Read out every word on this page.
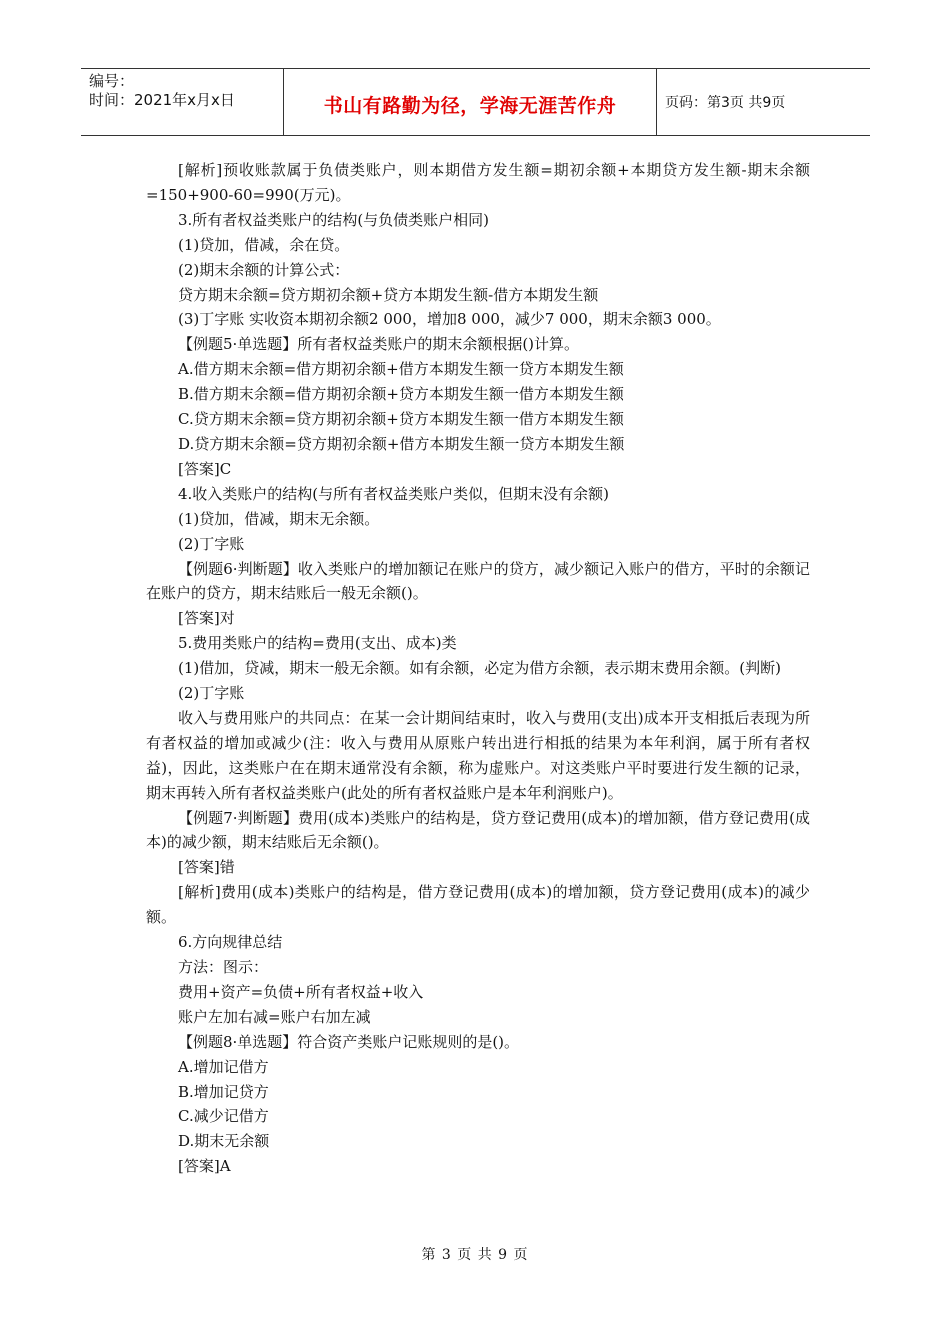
编号：
时间：2021年x月x日	书山有路勤为径，学海无涯苦作舟	页码：第3页 共9页

[解析]预收账款属于负债类账户，则本期借方发生额=期初余额+本期贷方发生额-期末余额=150+900-60=990(万元)。

3.所有者权益类账户的结构(与负债类账户相同)

(1)贷加，借减，余在贷。

(2)期末余额的计算公式：

贷方期末余额=贷方期初余额+贷方本期发生额-借方本期发生额

(3)丁字账 实收资本期初余额2 000，增加8 000，减少7 000，期末余额3 000。

【例题5·单选题】所有者权益类账户的期末余额根据()计算。

A.借方期末余额=借方期初余额+借方本期发生额一贷方本期发生额

B.借方期末余额=借方期初余额+贷方本期发生额一借方本期发生额

C.贷方期末余额=贷方期初余额+贷方本期发生额一借方本期发生额

D.贷方期末余额=贷方期初余额+借方本期发生额一贷方本期发生额

[答案]C

4.收入类账户的结构(与所有者权益类账户类似，但期末没有余额)

(1)贷加，借减，期末无余额。

(2)丁字账

【例题6·判断题】收入类账户的增加额记在账户的贷方，减少额记入账户的借方，平时的余额记在账户的贷方，期末结账后一般无余额()。

[答案]对

5.费用类账户的结构=费用(支出、成本)类

(1)借加，贷减，期末一般无余额。如有余额，必定为借方余额，表示期末费用余额。(判断)

(2)丁字账

收入与费用账户的共同点：在某一会计期间结束时，收入与费用(支出)成本开支相抵后表现为所有者权益的增加或减少(注：收入与费用从原账户转出进行相抵的结果为本年利润，属于所有者权益)，因此，这类账户在在期末通常没有余额，称为虚账户。对这类账户平时要进行发生额的记录，期末再转入所有者权益类账户(此处的所有者权益账户是本年利润账户)。

【例题7·判断题】费用(成本)类账户的结构是，贷方登记费用(成本)的增加额，借方登记费用(成本)的减少额，期末结账后无余额()。

[答案]错

[解析]费用(成本)类账户的结构是，借方登记费用(成本)的增加额，贷方登记费用(成本)的减少额。

6.方向规律总结

方法：图示：

费用+资产=负债+所有者权益+收入

账户左加右减=账户右加左减

【例题8·单选题】符合资产类账户记账规则的是()。

A.增加记借方

B.增加记贷方

C.减少记借方

D.期末无余额

[答案]A

第 3 页 共 9 页
